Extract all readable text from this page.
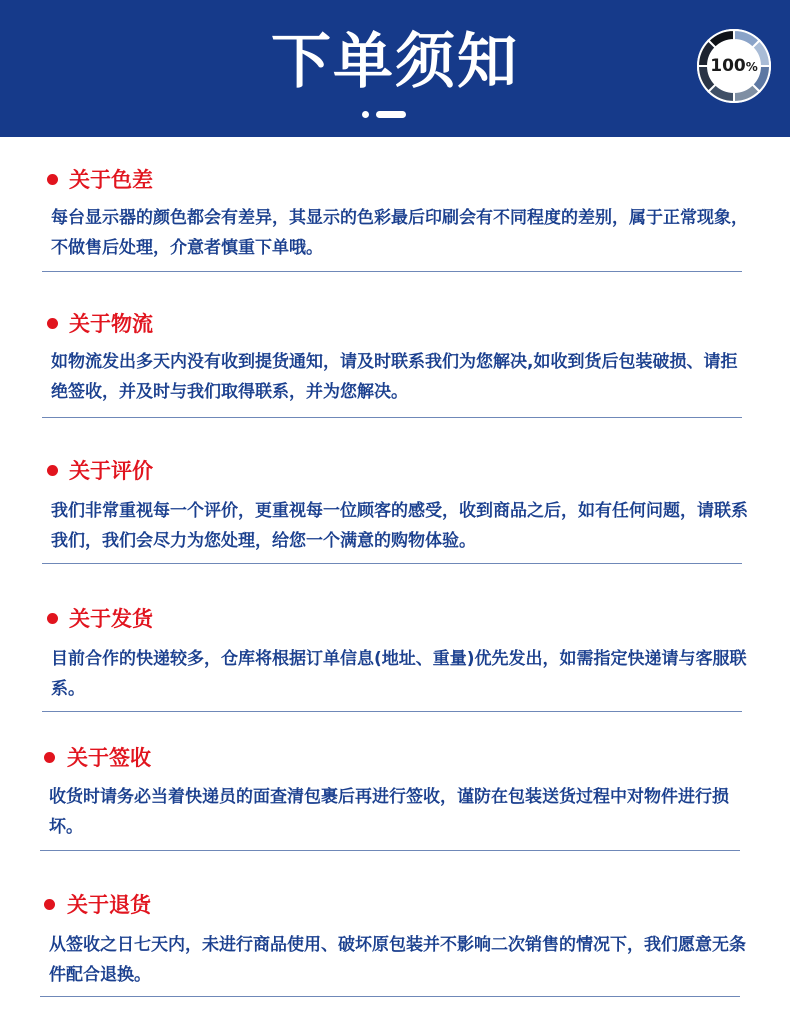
下单须知	100%
关于色差
每台显示器的颜色都会有差异，其显示的色彩最后印刷会有不同程度的差别，属于正常现象，不做售后处理，介意者慎重下单哦。
关于物流
如物流发出多天内没有收到提货通知，请及时联系我们为您解决,如收到货后包装破损、请拒绝签收，并及时与我们取得联系，并为您解决。
关于评价
我们非常重视每一个评价，更重视每一位顾客的感受，收到商品之后，如有任何问题，请联系我们，我们会尽力为您处理，给您一个满意的购物体验。
关于发货
目前合作的快递较多，仓库将根据订单信息(地址、重量)优先发出，如需指定快递请与客服联系。
关于签收
收货时请务必当着快递员的面查清包裹后再进行签收，谨防在包装送货过程中对物件进行损坏。
关于退货
从签收之日七天内，未进行商品使用、破坏原包装并不影响二次销售的情况下，我们愿意无条件配合退换。
